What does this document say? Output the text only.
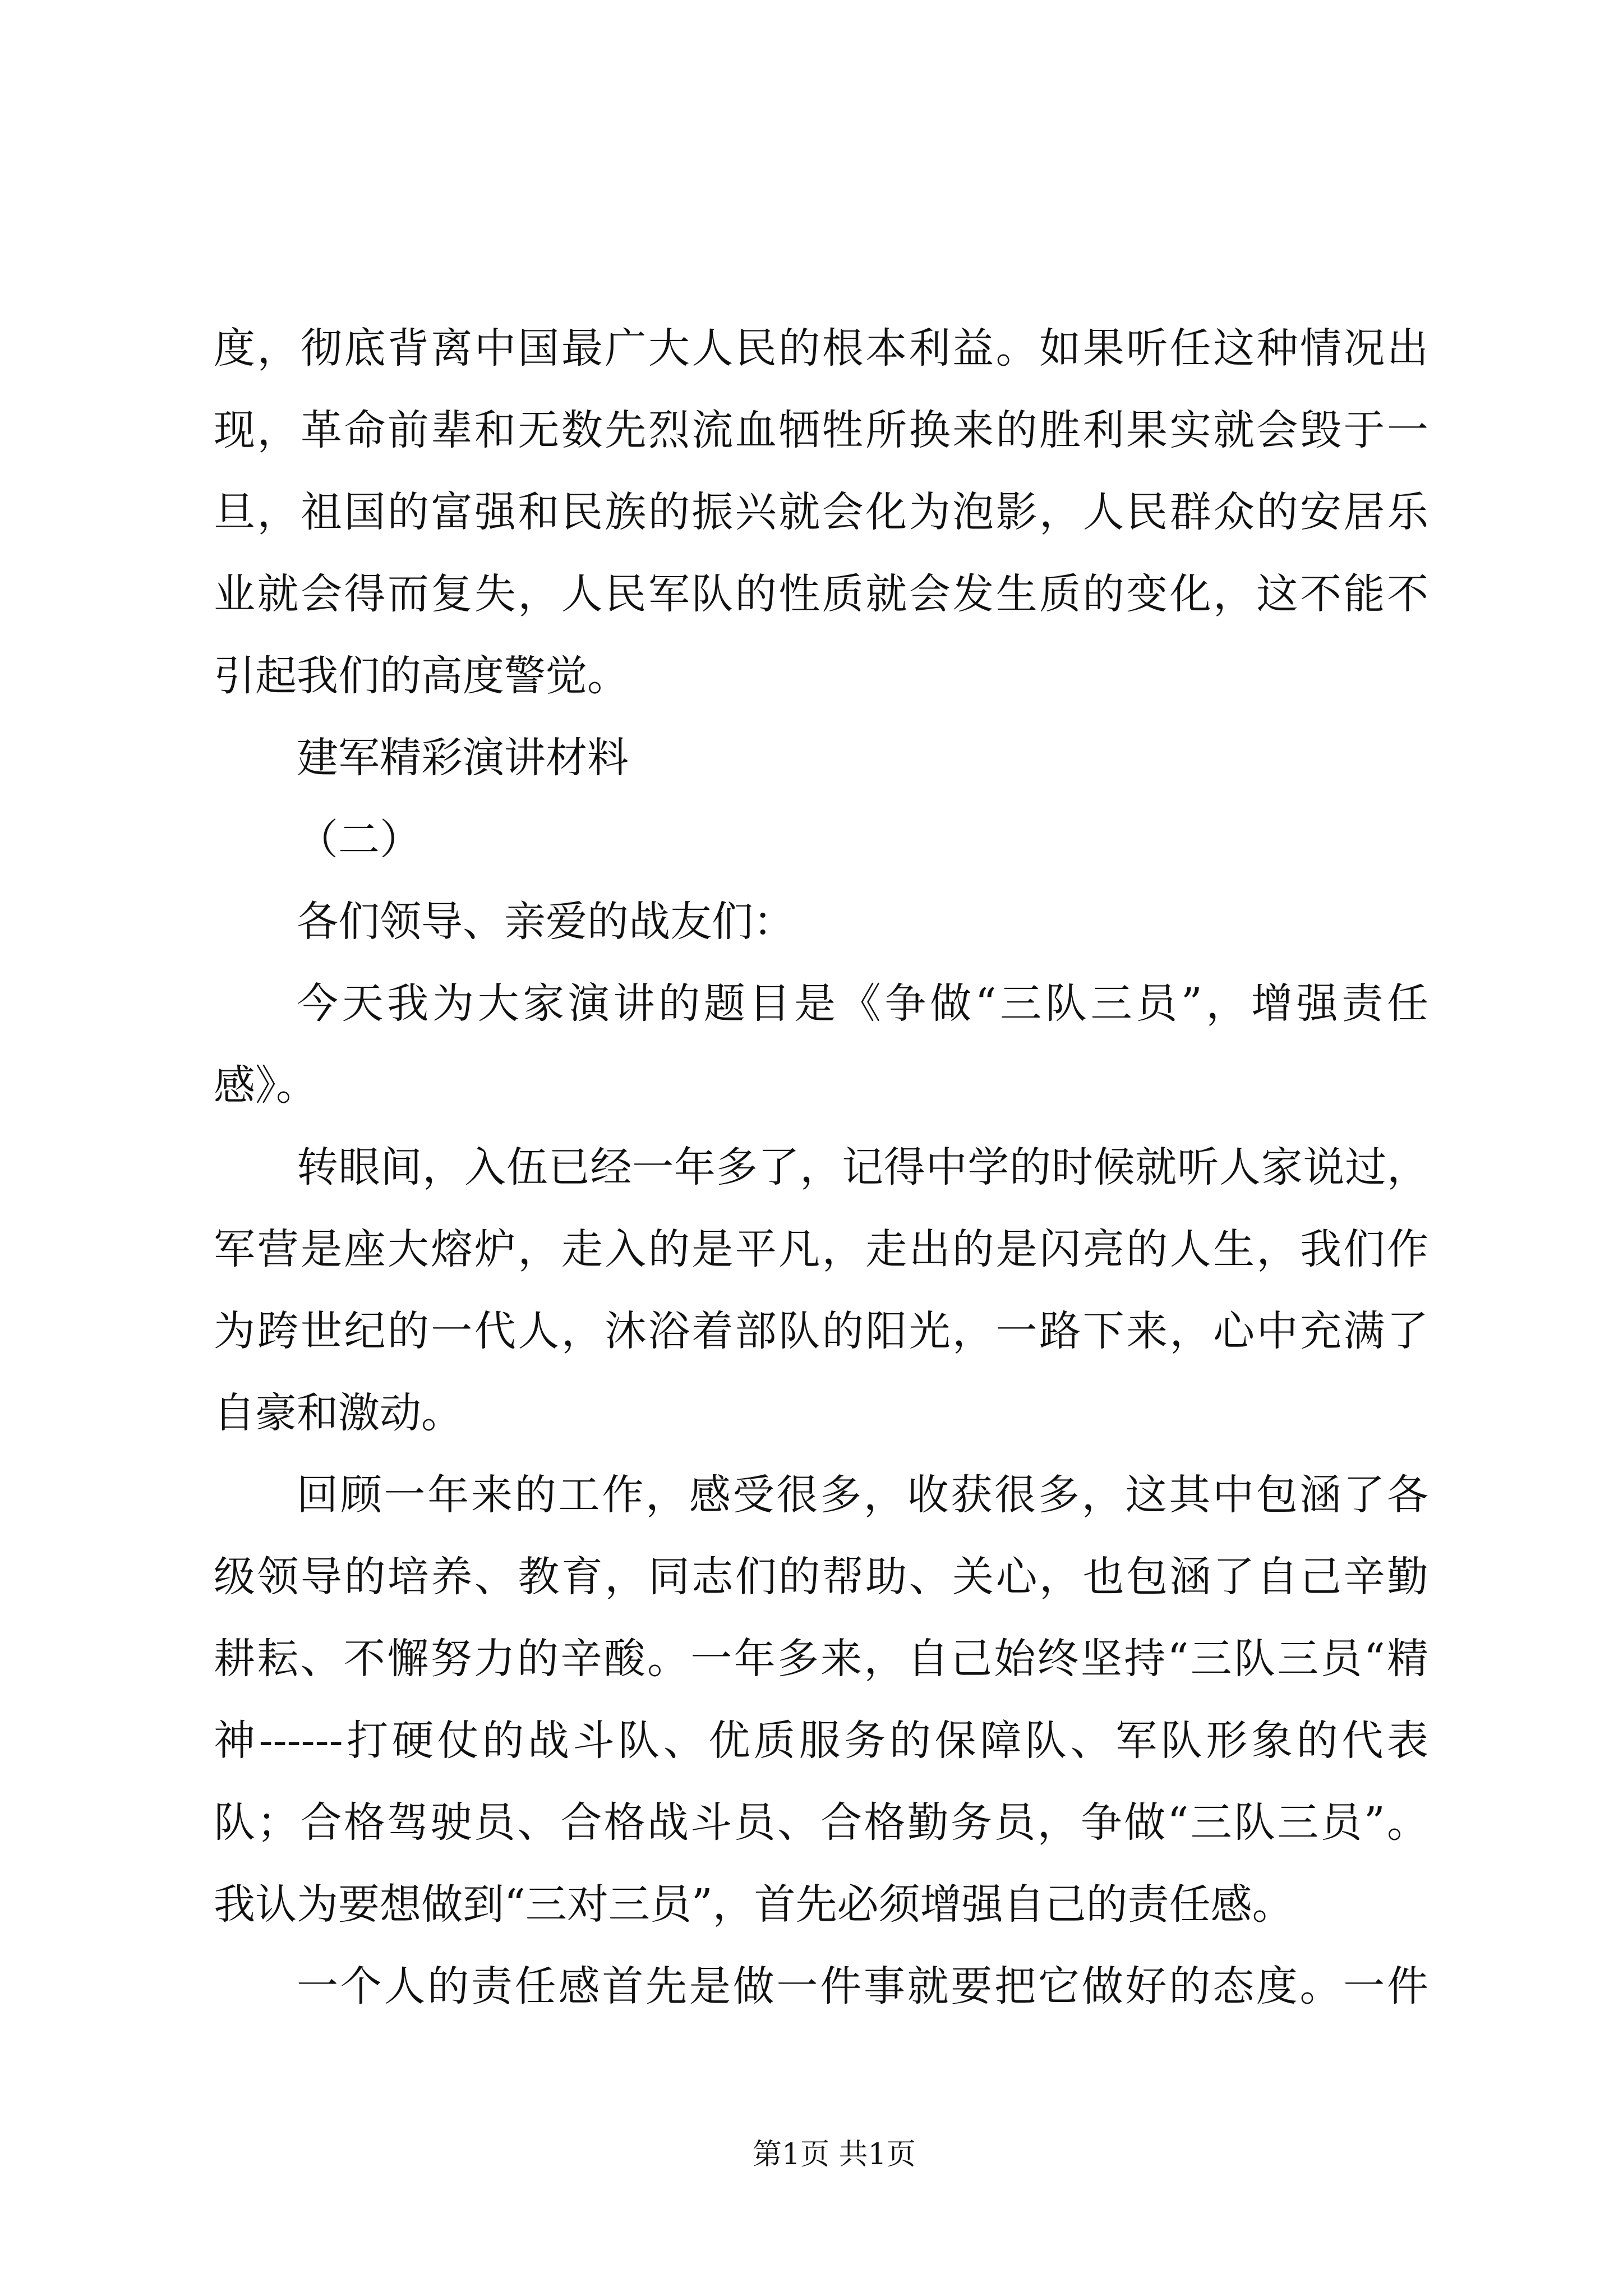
度，彻底背离中国最广大人民的根本利益。如果听任这种情况出
现，革命前辈和无数先烈流血牺牲所换来的胜利果实就会毁于一
旦，祖国的富强和民族的振兴就会化为泡影，人民群众的安居乐
业就会得而复失，人民军队的性质就会发生质的变化，这不能不
引起我们的高度警觉。
建军精彩演讲材料
（二）
各们领导、亲爱的战友们：
今天我为大家演讲的题目是《争做“三队三员”，增强责任
感》。
转眼间，入伍已经一年多了，记得中学的时候就听人家说过，
军营是座大熔炉，走入的是平凡，走出的是闪亮的人生，我们作
为跨世纪的一代人，沐浴着部队的阳光，一路下来，心中充满了
自豪和激动。
回顾一年来的工作，感受很多，收获很多，这其中包涵了各
级领导的培养、教育，同志们的帮助、关心，也包涵了自己辛勤
耕耘、不懈努力的辛酸。一年多来，自己始终坚持“三队三员“精
神------打硬仗的战斗队、优质服务的保障队、军队形象的代表
队；合格驾驶员、合格战斗员、合格勤务员，争做“三队三员”。
我认为要想做到“三对三员”，首先必须增强自己的责任感。
一个人的责任感首先是做一件事就要把它做好的态度。一件
第1页 共1页
